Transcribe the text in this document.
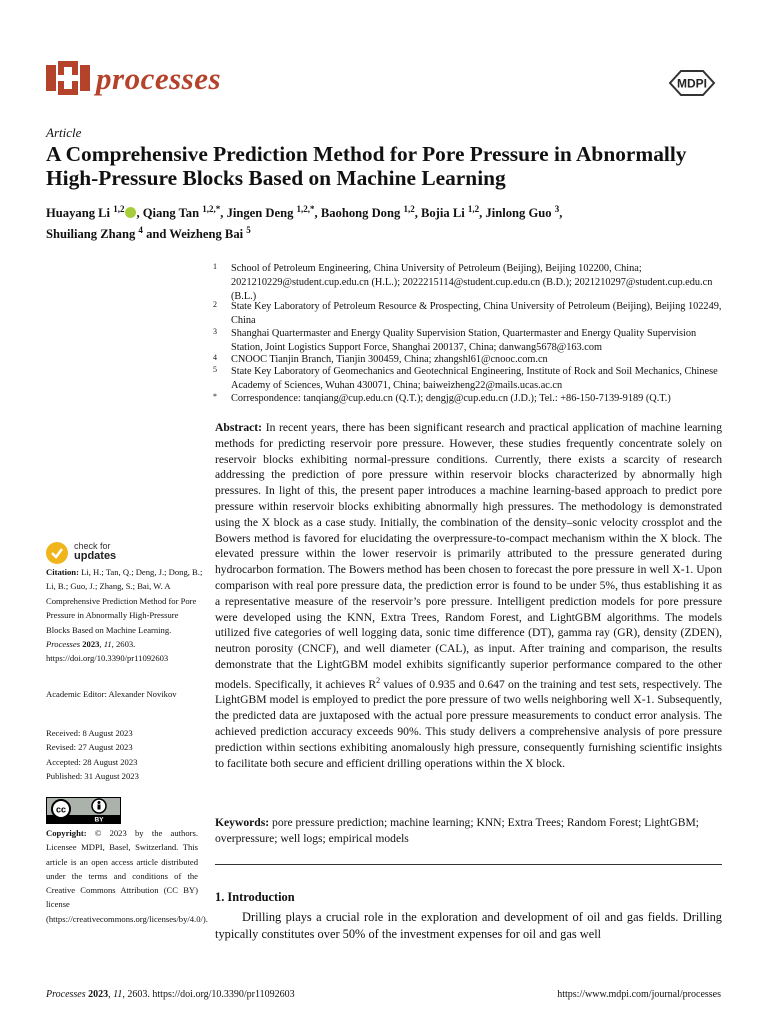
processes	MDPI
Article
A Comprehensive Prediction Method for Pore Pressure in Abnormally High-Pressure Blocks Based on Machine Learning
Huayang Li $^{1,2}$ , Qiang Tan $^{1,2,*}$, Jingen Deng $^{1,2,*}$, Baohong Dong $^{1,2}$, Bojia Li $^{1,2}$, Jinlong Guo $^3$,
Shuiliang Zhang $^4$ and Weizheng Bai $^5$
1 School of Petroleum Engineering, China University of Petroleum (Beijing), Beijing 102200, China; 2021210229@student.cup.edu.cn (H.L.); 2022215114@student.cup.edu.cn (B.D.); 2021210297@student.cup.edu.cn (B.L.)
2 State Key Laboratory of Petroleum Resource & Prospecting, China University of Petroleum (Beijing), Beijing 102249, China
3 Shanghai Quartermaster and Energy Quality Supervision Station, Quartermaster and Energy Quality Supervision Station, Joint Logistics Support Force, Shanghai 200137, China; danwang5678@163.com
4 CNOOC Tianjin Branch, Tianjin 300459, China; zhangshl61@cnooc.com.cn
5 State Key Laboratory of Geomechanics and Geotechnical Engineering, Institute of Rock and Soil Mechanics, Chinese Academy of Sciences, Wuhan 430071, China; baiweizheng22@mails.ucas.ac.cn
* Correspondence: tanqiang@cup.edu.cn (Q.T.); dengjg@cup.edu.cn (J.D.); Tel.: +86-150-7139-9189 (Q.T.)
Abstract: In recent years, there has been significant research and practical application of machine learning methods for predicting reservoir pore pressure. However, these studies frequently concentrate solely on reservoir blocks exhibiting normal-pressure conditions. Currently, there exists a scarcity of research addressing the prediction of pore pressure within reservoir blocks characterized by abnormally high pressures. In light of this, the present paper introduces a machine learning-based approach to predict pore pressure within reservoir blocks exhibiting abnormally high pressures. The methodology is demonstrated using the X block as a case study. Initially, the combination of the density–sonic velocity crossplot and the Bowers method is favored for elucidating the overpressure-to-compact mechanism within the X block. The elevated pressure within the lower reservoir is primarily attributed to the pressure generated during hydrocarbon formation. The Bowers method has been chosen to forecast the pore pressure in well X-1. Upon comparison with real pore pressure data, the prediction error is found to be under 5%, thus establishing it as a representative measure of the reservoir’s pore pressure. Intelligent prediction models for pore pressure were developed using the KNN, Extra Trees, Random Forest, and LightGBM algorithms. The models utilized five categories of well logging data, sonic time difference (DT), gamma ray (GR), density (ZDEN), neutron porosity (CNCF), and well diameter (CAL), as input. After training and comparison, the results demonstrate that the LightGBM model exhibits significantly superior performance compared to the other models. Specifically, it achieves $R^2$ values of 0.935 and 0.647 on the training and test sets, respectively. The LightGBM model is employed to predict the pore pressure of two wells neighboring well X-1. Subsequently, the predicted data are juxtaposed with the actual pore pressure measurements to conduct error analysis. The achieved prediction accuracy exceeds 90%. This study delivers a comprehensive analysis of pore pressure prediction within sections exhibiting anomalously high pressure, consequently furnishing scientific insights to facilitate both secure and efficient drilling operations within the X block.
Keywords: pore pressure prediction; machine learning; KNN; Extra Trees; Random Forest; LightGBM; overpressure; well logs; empirical models
1. Introduction
Drilling plays a crucial role in the exploration and development of oil and gas fields. Drilling typically constitutes over 50% of the investment expenses for oil and gas well
check for
updates
Citation: Li, H.; Tan, Q.; Deng, J.; Dong, B.; Li, B.; Guo, J.; Zhang, S.; Bai, W. A Comprehensive Prediction Method for Pore Pressure in Abnormally High-Pressure Blocks Based on Machine Learning. Processes 2023, 11, 2603. https://doi.org/10.3390/pr11092603
Academic Editor: Alexander Novikov
Received: 8 August 2023
Revised: 27 August 2023
Accepted: 28 August 2023
Published: 31 August 2023
cc
BY
Copyright: © 2023 by the authors. Licensee MDPI, Basel, Switzerland. This article is an open access article distributed under the terms and conditions of the Creative Commons Attribution (CC BY) license (https://creativecommons.org/licenses/by/4.0/).
Processes 2023, 11, 2603. https://doi.org/10.3390/pr11092603	https://www.mdpi.com/journal/processes
